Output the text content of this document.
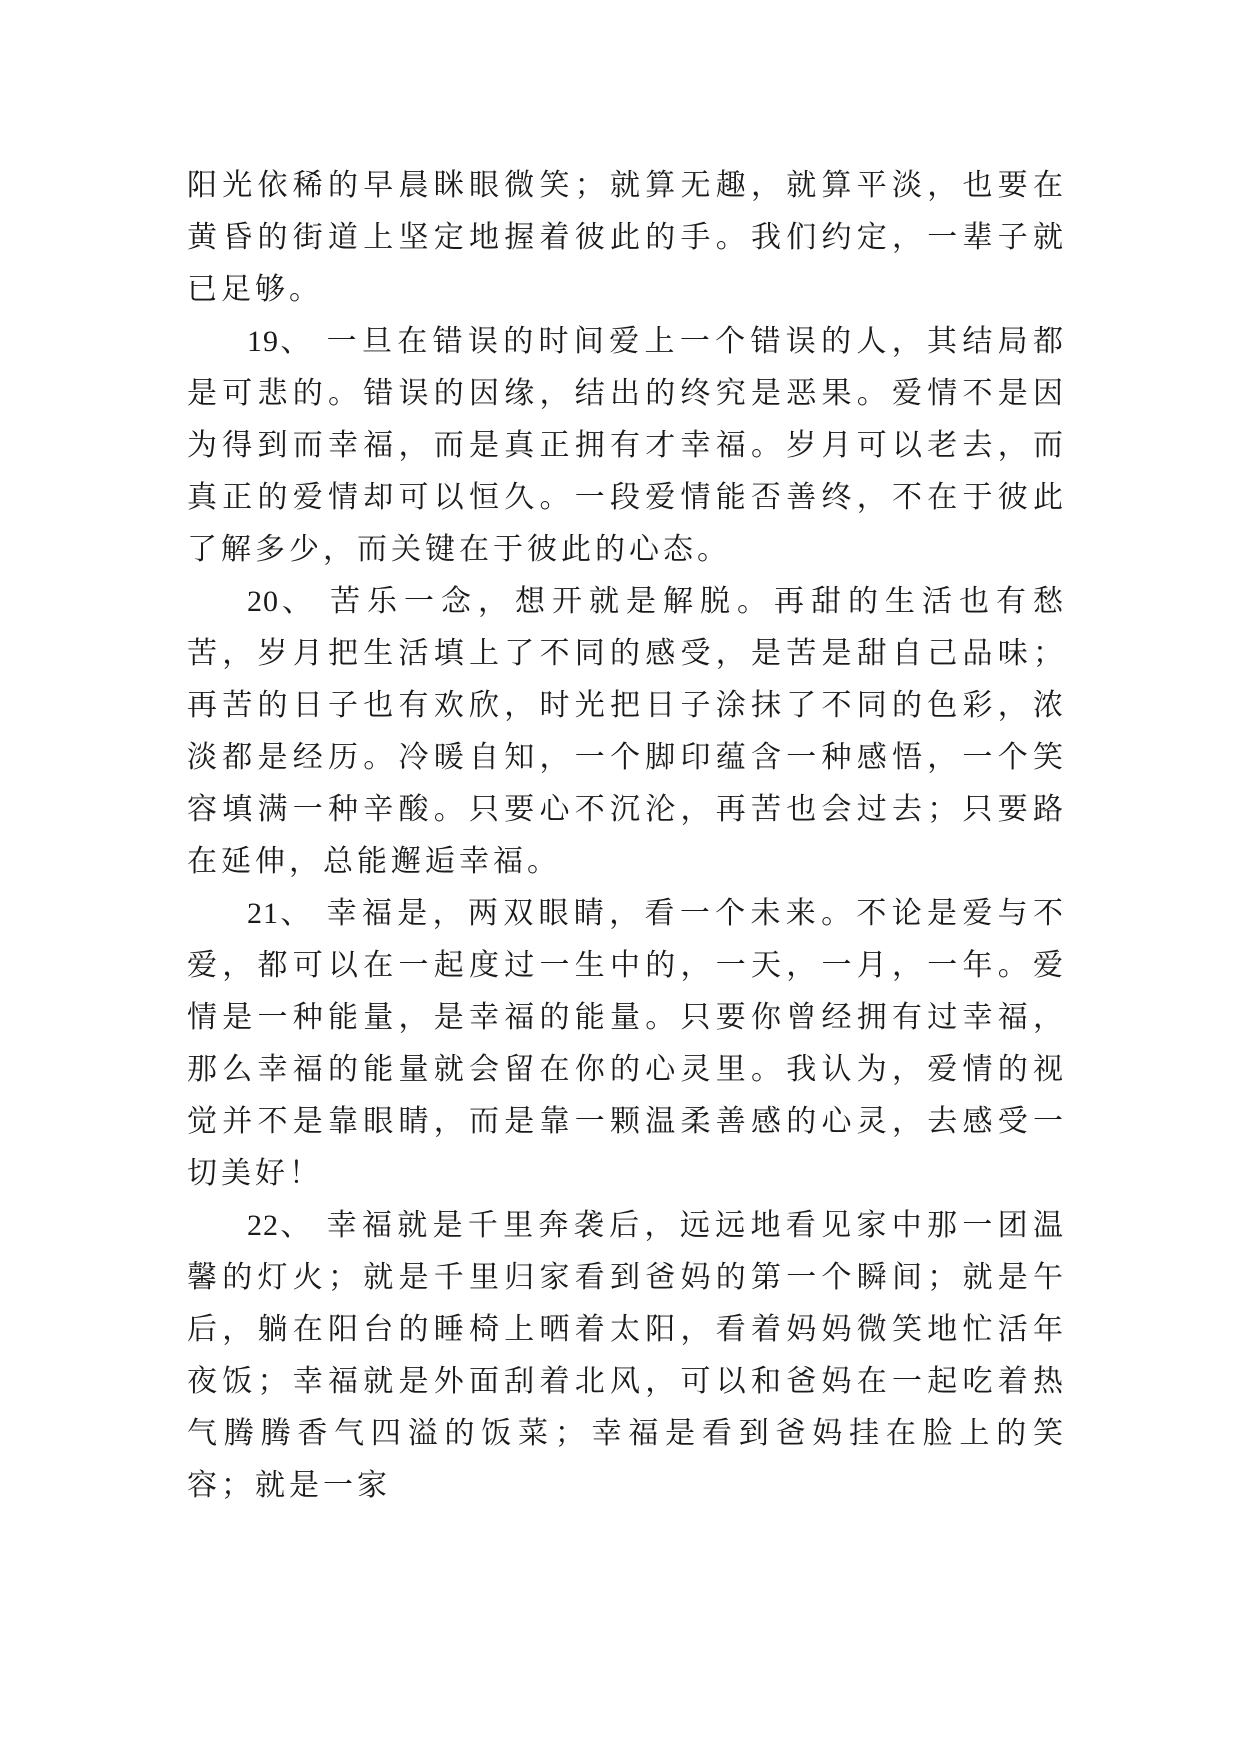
阳光依稀的早晨眯眼微笑；就算无趣，就算平淡，也要在黄昏的街道上坚定地握着彼此的手。我们约定，一辈子就已足够。

19、 一旦在错误的时间爱上一个错误的人，其结局都是可悲的。错误的因缘，结出的终究是恶果。爱情不是因为得到而幸福，而是真正拥有才幸福。岁月可以老去，而真正的爱情却可以恒久。一段爱情能否善终，不在于彼此了解多少，而关键在于彼此的心态。

20、 苦乐一念，想开就是解脱。再甜的生活也有愁苦，岁月把生活填上了不同的感受，是苦是甜自己品味；再苦的日子也有欢欣，时光把日子涂抹了不同的色彩，浓淡都是经历。冷暖自知，一个脚印蕴含一种感悟，一个笑容填满一种辛酸。只要心不沉沦，再苦也会过去；只要路在延伸，总能邂逅幸福。

21、 幸福是，两双眼睛，看一个未来。不论是爱与不爱，都可以在一起度过一生中的，一天，一月，一年。爱情是一种能量，是幸福的能量。只要你曾经拥有过幸福，那么幸福的能量就会留在你的心灵里。我认为，爱情的视觉并不是靠眼睛，而是靠一颗温柔善感的心灵，去感受一切美好！

22、 幸福就是千里奔袭后，远远地看见家中那一团温馨的灯火；就是千里归家看到爸妈的第一个瞬间；就是午后，躺在阳台的睡椅上晒着太阳，看着妈妈微笑地忙活年夜饭；幸福就是外面刮着北风，可以和爸妈在一起吃着热气腾腾香气四溢的饭菜；幸福是看到爸妈挂在脸上的笑容；就是一家
